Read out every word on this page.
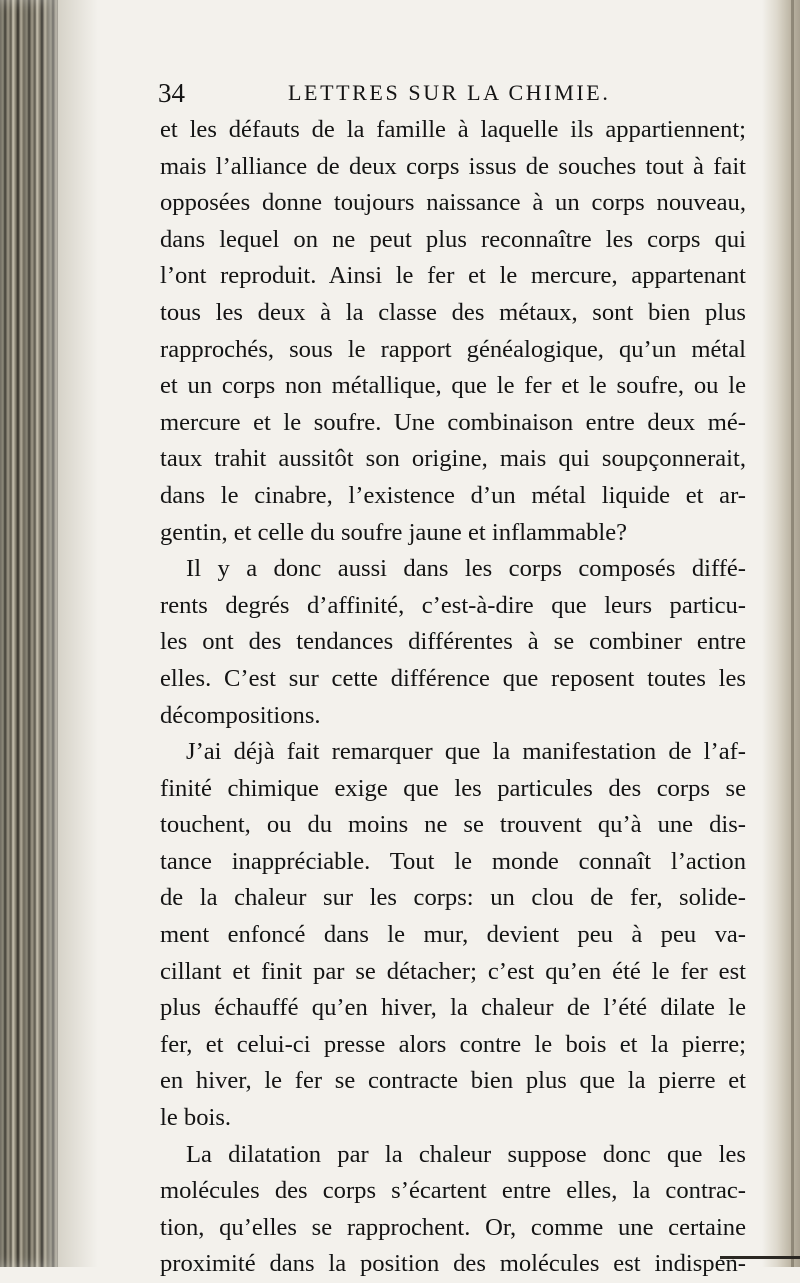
34	LETTRES SUR LA CHIMIE.
et les défauts de la famille à laquelle ils appartiennent;
mais l’alliance de deux corps issus de souches tout à fait
opposées donne toujours naissance à un corps nouveau,
dans lequel on ne peut plus reconnaître les corps qui
l’ont reproduit. Ainsi le fer et le mercure, appartenant
tous les deux à la classe des métaux, sont bien plus
rapprochés, sous le rapport généalogique, qu’un métal
et un corps non métallique, que le fer et le soufre, ou le
mercure et le soufre. Une combinaison entre deux mé-
taux trahit aussitôt son origine, mais qui soupçonnerait,
dans le cinabre, l’existence d’un métal liquide et ar-
gentin, et celle du soufre jaune et inflammable?
Il y a donc aussi dans les corps composés diffé-
rents degrés d’affinité, c’est-à-dire que leurs particu-
les ont des tendances différentes à se combiner entre
elles. C’est sur cette différence que reposent toutes les
décompositions.
J’ai déjà fait remarquer que la manifestation de l’af-
finité chimique exige que les particules des corps se
touchent, ou du moins ne se trouvent qu’à une dis-
tance inappréciable. Tout le monde connaît l’action
de la chaleur sur les corps: un clou de fer, solide-
ment enfoncé dans le mur, devient peu à peu va-
cillant et finit par se détacher; c’est qu’en été le fer est
plus échauffé qu’en hiver, la chaleur de l’été dilate le
fer, et celui-ci presse alors contre le bois et la pierre;
en hiver, le fer se contracte bien plus que la pierre et
le bois.
La dilatation par la chaleur suppose donc que les
molécules des corps s’écartent entre elles, la contrac-
tion, qu’elles se rapprochent. Or, comme une certaine
proximité dans la position des molécules est indispen-
